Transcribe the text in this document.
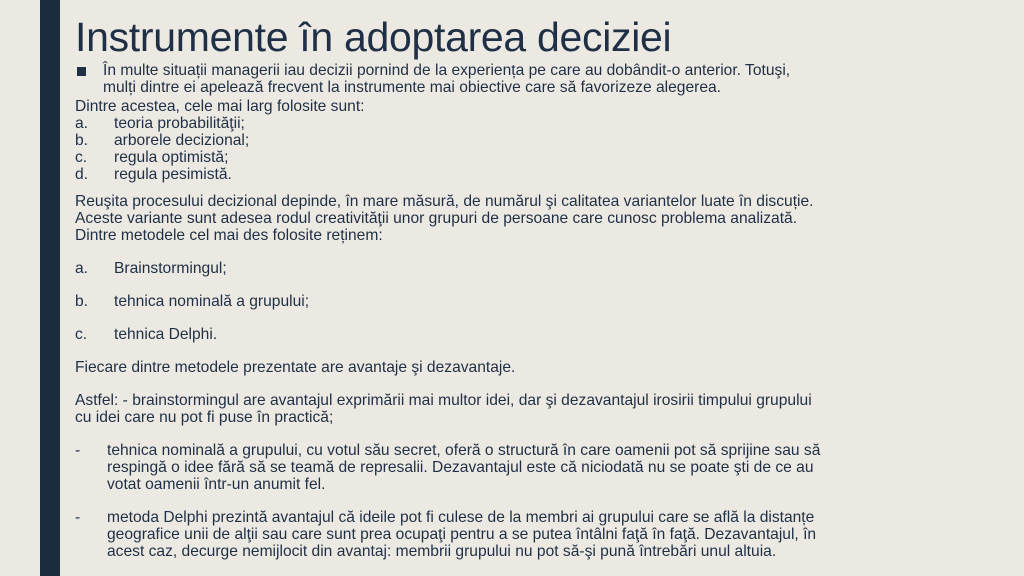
Instrumente în adoptarea deciziei
În multe situații managerii iau decizii pornind de la experiența pe care au dobândit-o anterior. Totuşi,
mulți dintre ei apelează frecvent la instrumente mai obiective care să favorizeze alegerea.
Dintre acestea, cele mai larg folosite sunt:
a. teoria probabilităţii;
b. arborele decizional;
c. regula optimistă;
d. regula pesimistă.
Reuşita procesului decizional depinde, în mare măsură, de numărul şi calitatea variantelor luate în discuție.
Aceste variante sunt adesea rodul creativităţii unor grupuri de persoane care cunosc problema analizată.
Dintre metodele cel mai des folosite reținem:
a. Brainstormingul;
b. tehnica nominală a grupului;
c. tehnica Delphi.
Fiecare dintre metodele prezentate are avantaje şi dezavantaje.
Astfel: - brainstormingul are avantajul exprimării mai multor idei, dar şi dezavantajul irosirii timpului grupului
cu idei care nu pot fi puse în practică;
- tehnica nominală a grupului, cu votul său secret, oferă o structură în care oamenii pot să sprijine sau să
respingă o idee fără să se teamă de represalii. Dezavantajul este că niciodată nu se poate şti de ce au
votat oamenii într-un anumit fel.
- metoda Delphi prezintă avantajul că ideile pot fi culese de la membri ai grupului care se află la distanțe
geografice unii de alţii sau care sunt prea ocupaţi pentru a se putea întâlni faţă în faţă. Dezavantajul, în
acest caz, decurge nemijlocit din avantaj: membrii grupului nu pot să-şi pună întrebări unul altuia.
